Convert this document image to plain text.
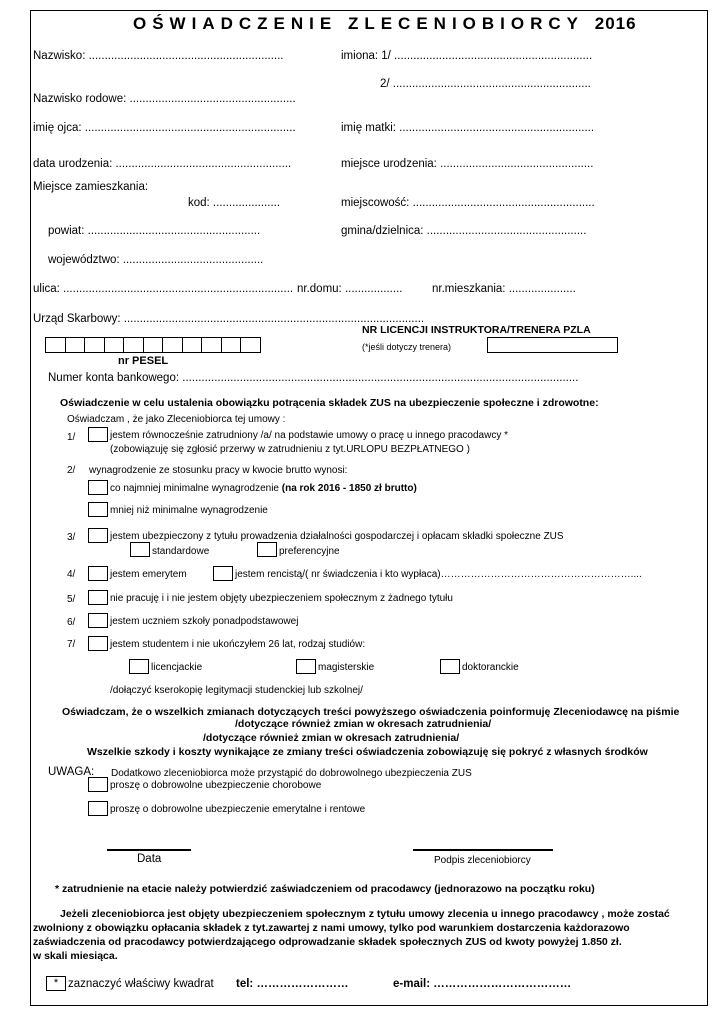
OŚWIADCZENIE ZLECENIOBIORCY 2016
Nazwisko: .............................................................	imiona: 1/ ..............................................................
2/ ..............................................................
Nazwisko rodowe: ....................................................
imię ojca: ..................................................................	imię matki: .............................................................
data urodzenia: .......................................................	miejsce urodzenia: ................................................
Miejsce zamieszkania:
kod: .....................	miejscowość: .........................................................
powiat: ......................................................	gmina/dzielnica: ..................................................
województwo: ............................................
ulica: ........................................................................ nr.domu: ..................	nr.mieszkania: .....................
Urząd Skarbowy: ..............................................................................................
NR LICENCJI INSTRUKTORA/TRENERA PZLA
(*jeśli dotyczy trenera)
nr PESEL
Numer konta bankowego: ............................................................................................................................
Oświadczenie w celu ustalenia obowiązku potrącenia składek ZUS na ubezpieczenie społeczne i zdrowotne:
Oświadczam , że jako Zleceniobiorca tej umowy :
1/	jestem równocześnie zatrudniony /a/ na podstawie umowy o pracę u innego pracodawcy *
(zobowiązuję się zgłosić przerwy w zatrudnieniu z tyt.URLOPU BEZPŁATNEGO )
2/ wynagrodzenie ze stosunku pracy w kwocie brutto wynosi:
co najmniej minimalne wynagrodzenie (na rok 2016 - 1850 zł brutto)
mniej niż minimalne wynagrodzenie
3/	jestem ubezpieczony z tytułu prowadzenia działalności gospodarczej i opłacam składki społeczne ZUS
standardowe	preferencyjne
4/	jestem emerytem	jestem rencistą/( nr świadczenia i kto wypłaca)…………………………………………………....
5/	nie pracuję i i nie jestem objęty ubezpieczeniem społecznym z żadnego tytułu
6/	jestem uczniem szkoły ponadpodstawowej
7/	jestem studentem i nie ukończyłem 26 lat, rodzaj studiów:
licencjackie	magisterskie	doktoranckie
/dołączyć kserokopię legitymacji studenckiej lub szkolnej/
Oświadczam, że o wszelkich zmianach dotyczących treści powyższego oświadczenia poinformuję Zleceniodawcę na piśmie
/dotyczące również zmian w okresach zatrudnienia/
/dotyczące również zmian w okresach zatrudnienia/
Wszelkie szkody i koszty wynikające ze zmiany treści oświadczenia zobowiązuję się pokryć z własnych środków
UWAGA: Dodatkowo zleceniobiorca może przystąpić do dobrowolnego ubezpieczenia ZUS
proszę o dobrowolne ubezpieczenie chorobowe
proszę o dobrowolne ubezpieczenie emerytalne i rentowe
Data	Podpis zleceniobiorcy
* zatrudnienie na etacie należy potwierdzić zaświadczeniem od pracodawcy (jednorazowo na początku roku)
Jeżeli zleceniobiorca jest objęty ubezpieczeniem społecznym z tytułu umowy zlecenia u innego pracodawcy , może zostać
zwolniony z obowiązku opłacania składek z tyt.zawartej z nami umowy, tylko pod warunkiem dostarczenia każdorazowo
zaświadczenia od pracodawcy potwierdzającego odprowadzanie składek społecznych ZUS od kwoty powyżej 1.850 zł.
w skali miesiąca.
* zaznaczyć właściwy kwadrat tel: ……………………	e-mail: ………………………………
